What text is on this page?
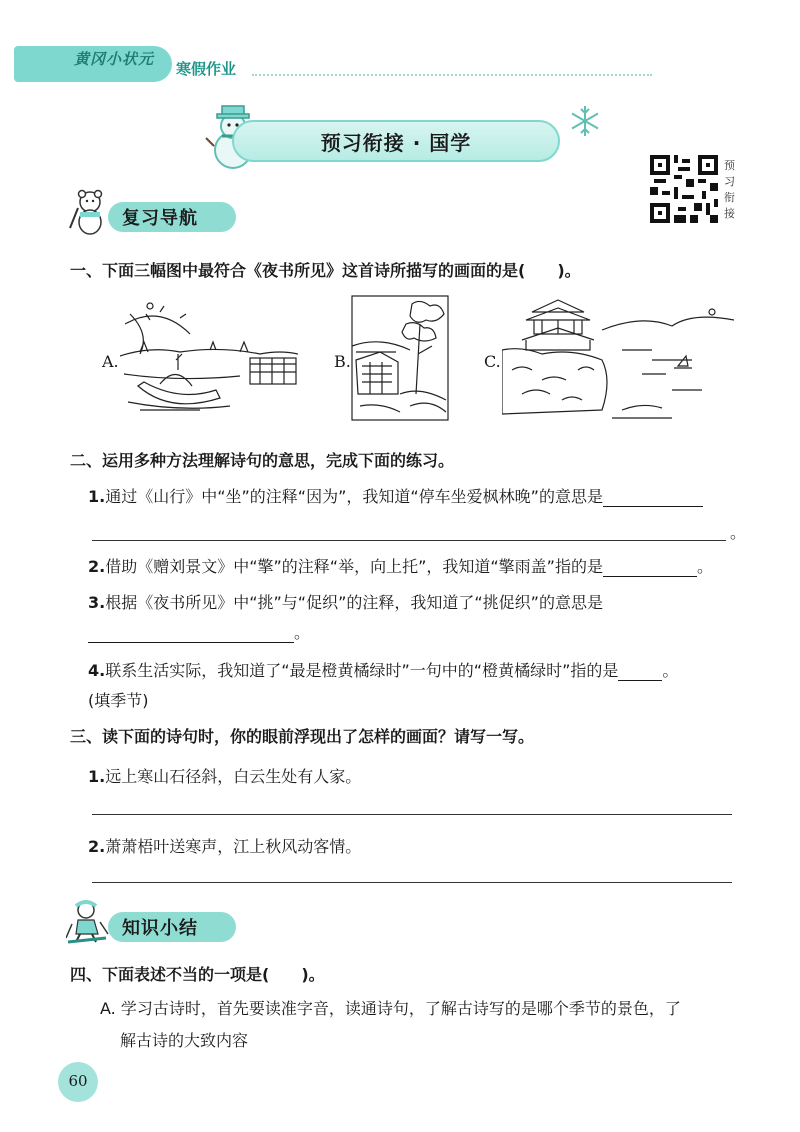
黄冈小状元
寒假作业
预习衔接 · 国学
预习衔接
复习导航
一、下面三幅图中最符合《夜书所见》这首诗所描写的画面的是(　　)。
A.	B.	C.
二、运用多种方法理解诗句的意思，完成下面的练习。
1.通过《山行》中“坐”的注释“因为”，我知道“停车坐爱枫林晚”的意思是
。
2.借助《赠刘景文》中“擎”的注释“举，向上托”，我知道“擎雨盖”指的是	。
3.根据《夜书所见》中“挑”与“促织”的注释，我知道了“挑促织”的意思是
。
4.联系生活实际，我知道了“最是橙黄橘绿时”一句中的“橙黄橘绿时”指的是	。
(填季节)
三、读下面的诗句时，你的眼前浮现出了怎样的画面？请写一写。
1.远上寒山石径斜，白云生处有人家。
2.萧萧梧叶送寒声，江上秋风动客情。
知识小结
四、下面表述不当的一项是(　　)。
A. 学习古诗时，首先要读准字音，读通诗句，了解古诗写的是哪个季节的景色，了
解古诗的大致内容
60
